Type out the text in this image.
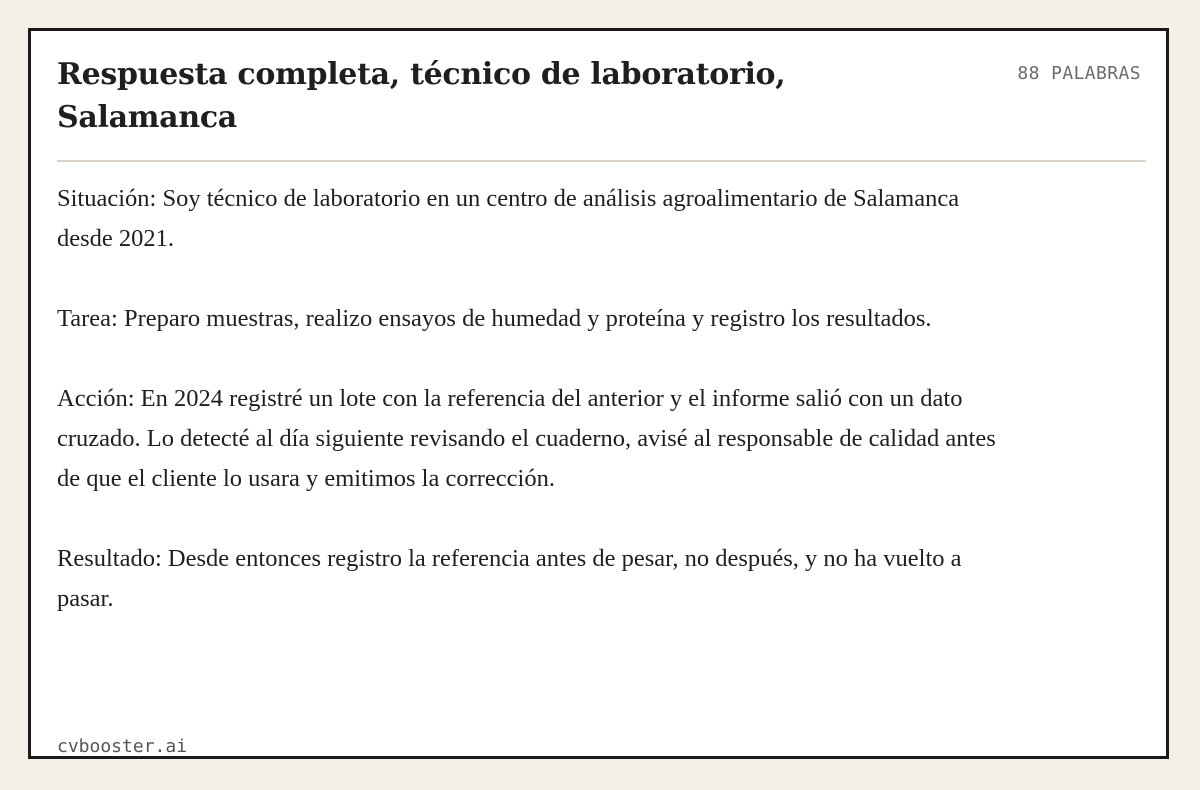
Respuesta completa, técnico de laboratorio, Salamanca
88 PALABRAS

Situación: Soy técnico de laboratorio en un centro de análisis agroalimentario de Salamanca desde 2021.

Tarea: Preparo muestras, realizo ensayos de humedad y proteína y registro los resultados.

Acción: En 2024 registré un lote con la referencia del anterior y el informe salió con un dato cruzado. Lo detecté al día siguiente revisando el cuaderno, avisé al responsable de calidad antes de que el cliente lo usara y emitimos la corrección.

Resultado: Desde entonces registro la referencia antes de pesar, no después, y no ha vuelto a pasar.

cvbooster.ai
